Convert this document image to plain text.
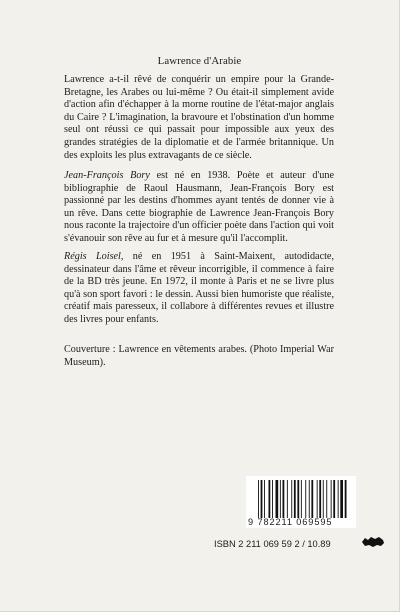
Lawrence d'Arabie

Lawrence a-t-il rêvé de conquérir un empire pour la Grande-Bretagne, les Arabes ou lui-même ? Ou était-il simplement avide d'action afin d'échapper à la morne routine de l'état-major anglais du Caire ? L'imagination, la bravoure et l'obstination d'un homme seul ont réussi ce qui passait pour impossible aux yeux des grandes stratégies de la diplomatie et de l'armée britannique. Un des exploits les plus extravagants de ce siècle.

Jean-François Bory est né en 1938. Poète et auteur d'une bibliographie de Raoul Hausmann, Jean-François Bory est passionné par les destins d'hommes ayant tentés de donner vie à un rêve. Dans cette biographie de Lawrence Jean-François Bory nous raconte la trajectoire d'un officier poète dans l'action qui voit s'évanouir son rêve au fur et à mesure qu'il l'accomplit.

Régis Loisel, né en 1951 à Saint-Maixent, autodidacte, dessinateur dans l'âme et rêveur incorrigible, il commence à faire de la BD très jeune. En 1972, il monte à Paris et ne se livre plus qu'à son sport favori : le dessin. Aussi bien humoriste que réaliste, créatif mais paresseux, il collabore à différentes revues et illustre des livres pour enfants.

Couverture : Lawrence en vêtements arabes. (Photo Imperial War Museum).

9 782211 069595
ISBN 2 211 069 59 2 / 10.89
